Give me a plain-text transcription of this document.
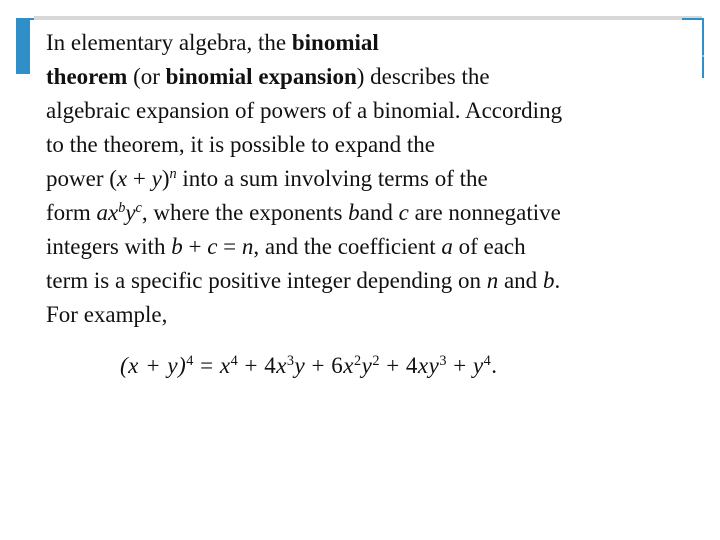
In elementary algebra, the binomial
theorem (or binomial expansion) describes the
algebraic expansion of powers of a binomial. According
to the theorem, it is possible to expand the
power $(x + y)^n$ into a sum involving terms of the
form $ax^by^c$, where the exponents band c are nonnegative
integers with b + c = n, and the coefficient a of each
term is a specific positive integer depending on n and b.
For example,
$(x + y)^4 = x^4 + 4x^3y + 6x^2y^2 + 4xy^3 + y^4$.
